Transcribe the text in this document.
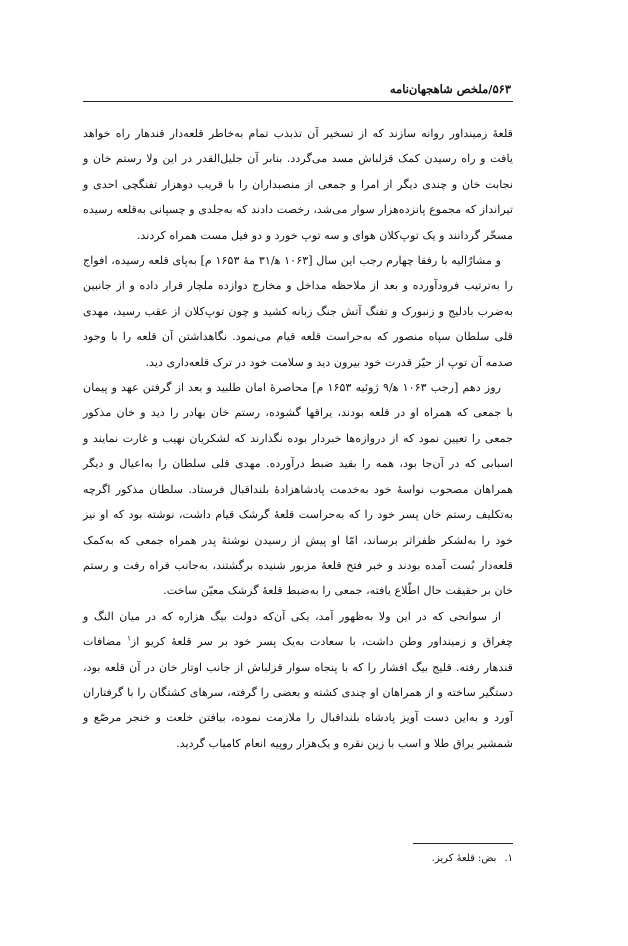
۵۶۳/ملخص شاهجهان‌نامه

قلعهٔ زمینداور روانه سازند که از تسخیر آن تذبذب تمام به‌خاطر قلعه‌دار قندهار راه خواهد یافت و راه رسیدن کمک قزلباش مسد می‌گردد. بنابر آن جلیل‌القدر در این ولا رستم خان و نجابت خان و چندی دیگر از امرا و جمعی از منصبداران را با قریب دوهزار تفنگچی احدی و تیرانداز که مجموع پانزده‌هزار سوار می‌شد، رخصت دادند که به‌جلدی و چسپانی به‌قلعه رسیده مسخّر گردانند و یک توپ‌کلان هوای و سه توپ خورد و دو فیل مست همراه کردند.

و مشارٌالیه با رفقا چهارم رجب این سال [۱۰۶۳ ه‍/۳۱ مهٔ ۱۶۵۳ م] به‌پای قلعه رسیده، افواج را به‌ترتیب فرودآورده و بعد از ملاحظه مداخل و مخارج دوازده ملچار قرار داده و از جانبین به‌ضرب بادلیج و زنبورک و تفنگ آتش جنگ زبانه کشید و چون توپ‌کلان از عقب رسید، مهدی قلی سلطان سپاه منصور که به‌حراست قلعه قیام می‌نمود. نگاهداشتن آن قلعه را با وجود صدمه آن توپ از حیّز قدرت خود بیرون دید و سلامت خود در ترک قلعه‌داری دید.

روز دهم [رجب ۱۰۶۳ ه‍/۹ ژوئیه ۱۶۵۳ م] محاصرهٔ امان طلبید و بعد از گرفتن عهد و پیمان با جمعی که همراه او در قلعه بودند، یراقها گشوده، رستم خان بهادر را دید و خان مذکور جمعی را تعیین نمود که از دروازه‌ها خبردار بوده نگذارند که لشکریان نهیب و غارت نمایند و اسبابی که در آن‌جا بود، همه را بقید ضبط درآورده. مهدی قلی سلطان را به‌اعیال و دیگر همراهان مصحوب نواسهٔ خود به‌خدمت پادشاهزادهٔ بلنداقبال فرستاد. سلطان مذکور اگرچه به‌تکلیف رستم خان پسر خود را که به‌حراست قلعهٔ گرشک قیام داشت، نوشته بود که او نیز خود را به‌لشکر ظفراثر برساند، امّا او پیش از رسیدن نوشتهٔ پدر همراه جمعی که به‌کمک قلعه‌دار بُست آمده بودند و خبر فتح قلعهٔ مزبور شنیده برگشتند، به‌جانب فراه رفت و رستم خان بر حقیقت حال اطّلاع یافته، جمعی را به‌ضبط قلعهٔ گرشک معیّن ساخت.

از سوانحی که در این ولا به‌ظهور آمد، یکی آن‌که دولت بیگ هزاره که در میان النگ و چغراق و زمینداور وطن داشت، با سعادت به‌یک پسر خود بر سر قلعهٔ کریو از$^۱$ مضافات قندهار رفته. قلیج بیگ افشار را که با پنجاه سوار قزلباش از جانب اوتار خان در آن قلعه بود، دستگیر ساخته و از همراهان او چندی کشته و بعضی را گرفته، سرهای کشتگان را با گرفتاران آورد و به‌این دست آویز پادشاه بلنداقبال را ملازمت نموده، بیافتن خلعت و خنجر مرصّع و شمشیر یراق طلا و اسب با زین نقره و یک‌هزار روپیه انعام کامیاب گردید.

۱.بض: قلعهٔ کریز.
